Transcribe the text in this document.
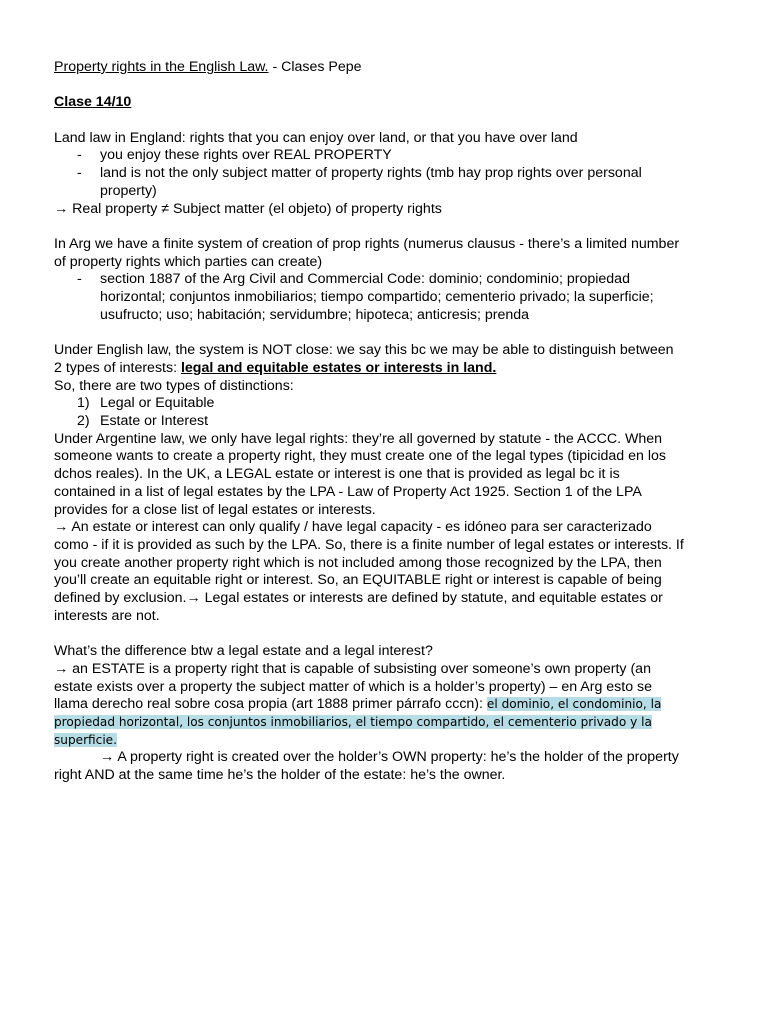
Property rights in the English Law. - Clases Pepe
Clase 14/10
Land law in England: rights that you can enjoy over land, or that you have over land
-	you enjoy these rights over REAL PROPERTY
-	land is not the only subject matter of property rights (tmb hay prop rights over personal property)
→ Real property ≠ Subject matter (el objeto) of property rights
In Arg we have a finite system of creation of prop rights (numerus clausus - there’s a limited number of property rights which parties can create)
-	section 1887 of the Arg Civil and Commercial Code: dominio; condominio; propiedad horizontal; conjuntos inmobiliarios; tiempo compartido; cementerio privado; la superficie; usufructo; uso; habitación; servidumbre; hipoteca; anticresis; prenda
Under English law, the system is NOT close: we say this bc we may be able to distinguish between 2 types of interests: legal and equitable estates or interests in land.
So, there are two types of distinctions:
1) Legal or Equitable
2) Estate or Interest
Under Argentine law, we only have legal rights: they’re all governed by statute - the ACCC. When someone wants to create a property right, they must create one of the legal types (tipicidad en los dchos reales). In the UK, a LEGAL estate or interest is one that is provided as legal bc it is contained in a list of legal estates by the LPA - Law of Property Act 1925. Section 1 of the LPA provides for a close list of legal estates or interests.
→ An estate or interest can only qualify / have legal capacity - es idóneo para ser caracterizado como - if it is provided as such by the LPA. So, there is a finite number of legal estates or interests. If you create another property right which is not included among those recognized by the LPA, then you’ll create an equitable right or interest. So, an EQUITABLE right or interest is capable of being defined by exclusion.→ Legal estates or interests are defined by statute, and equitable estates or interests are not.
What’s the difference btw a legal estate and a legal interest?
→ an ESTATE is a property right that is capable of subsisting over someone’s own property (an estate exists over a property the subject matter of which is a holder’s property) – en Arg esto se llama derecho real sobre cosa propia (art 1888 primer párrafo cccn): el dominio, el condominio, la propiedad horizontal, los conjuntos inmobiliarios, el tiempo compartido, el cementerio privado y la superficie.
→ A property right is created over the holder’s OWN property: he’s the holder of the property right AND at the same time he’s the holder of the estate: he’s the owner.
